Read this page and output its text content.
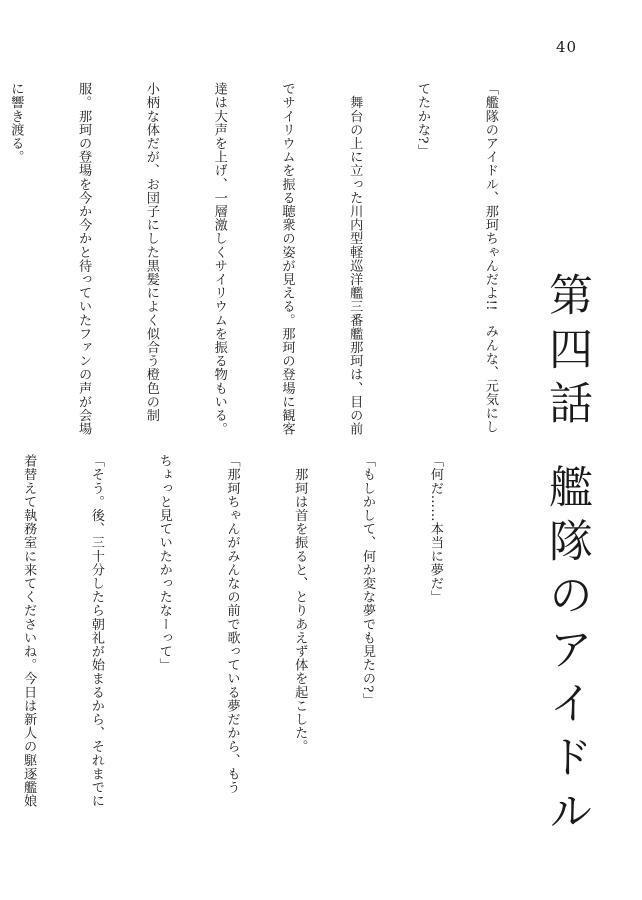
40
第四話艦隊のアイドル

「艦隊のアイドル、那珂ちゃんだよ!!　みんな、元気にし

てたかな?」

　舞台の上に立った川内型軽巡洋艦三番艦那珂は、目の前

でサイリウムを振る聴衆の姿が見える。那珂の登場に観客

達は大声を上げ、一層激しくサイリウムを振る物もいる。

小柄な体だが、お団子にした黒髪によく似合う橙色の制

服。那珂の登場を今か今かと待っていたファンの声が会場

に響き渡る。

「何だ……本当に夢だ」

「もしかして、何か変な夢でも見たの?」

　那珂は首を振ると、とりあえず体を起こした。

「那珂ちゃんがみんなの前で歌っている夢だから、もう

ちょっと見ていたかったなーって」

「そう。後、三十分したら朝礼が始まるから、それまでに

着替えて執務室に来てくださいね。今日は新人の駆逐艦娘
